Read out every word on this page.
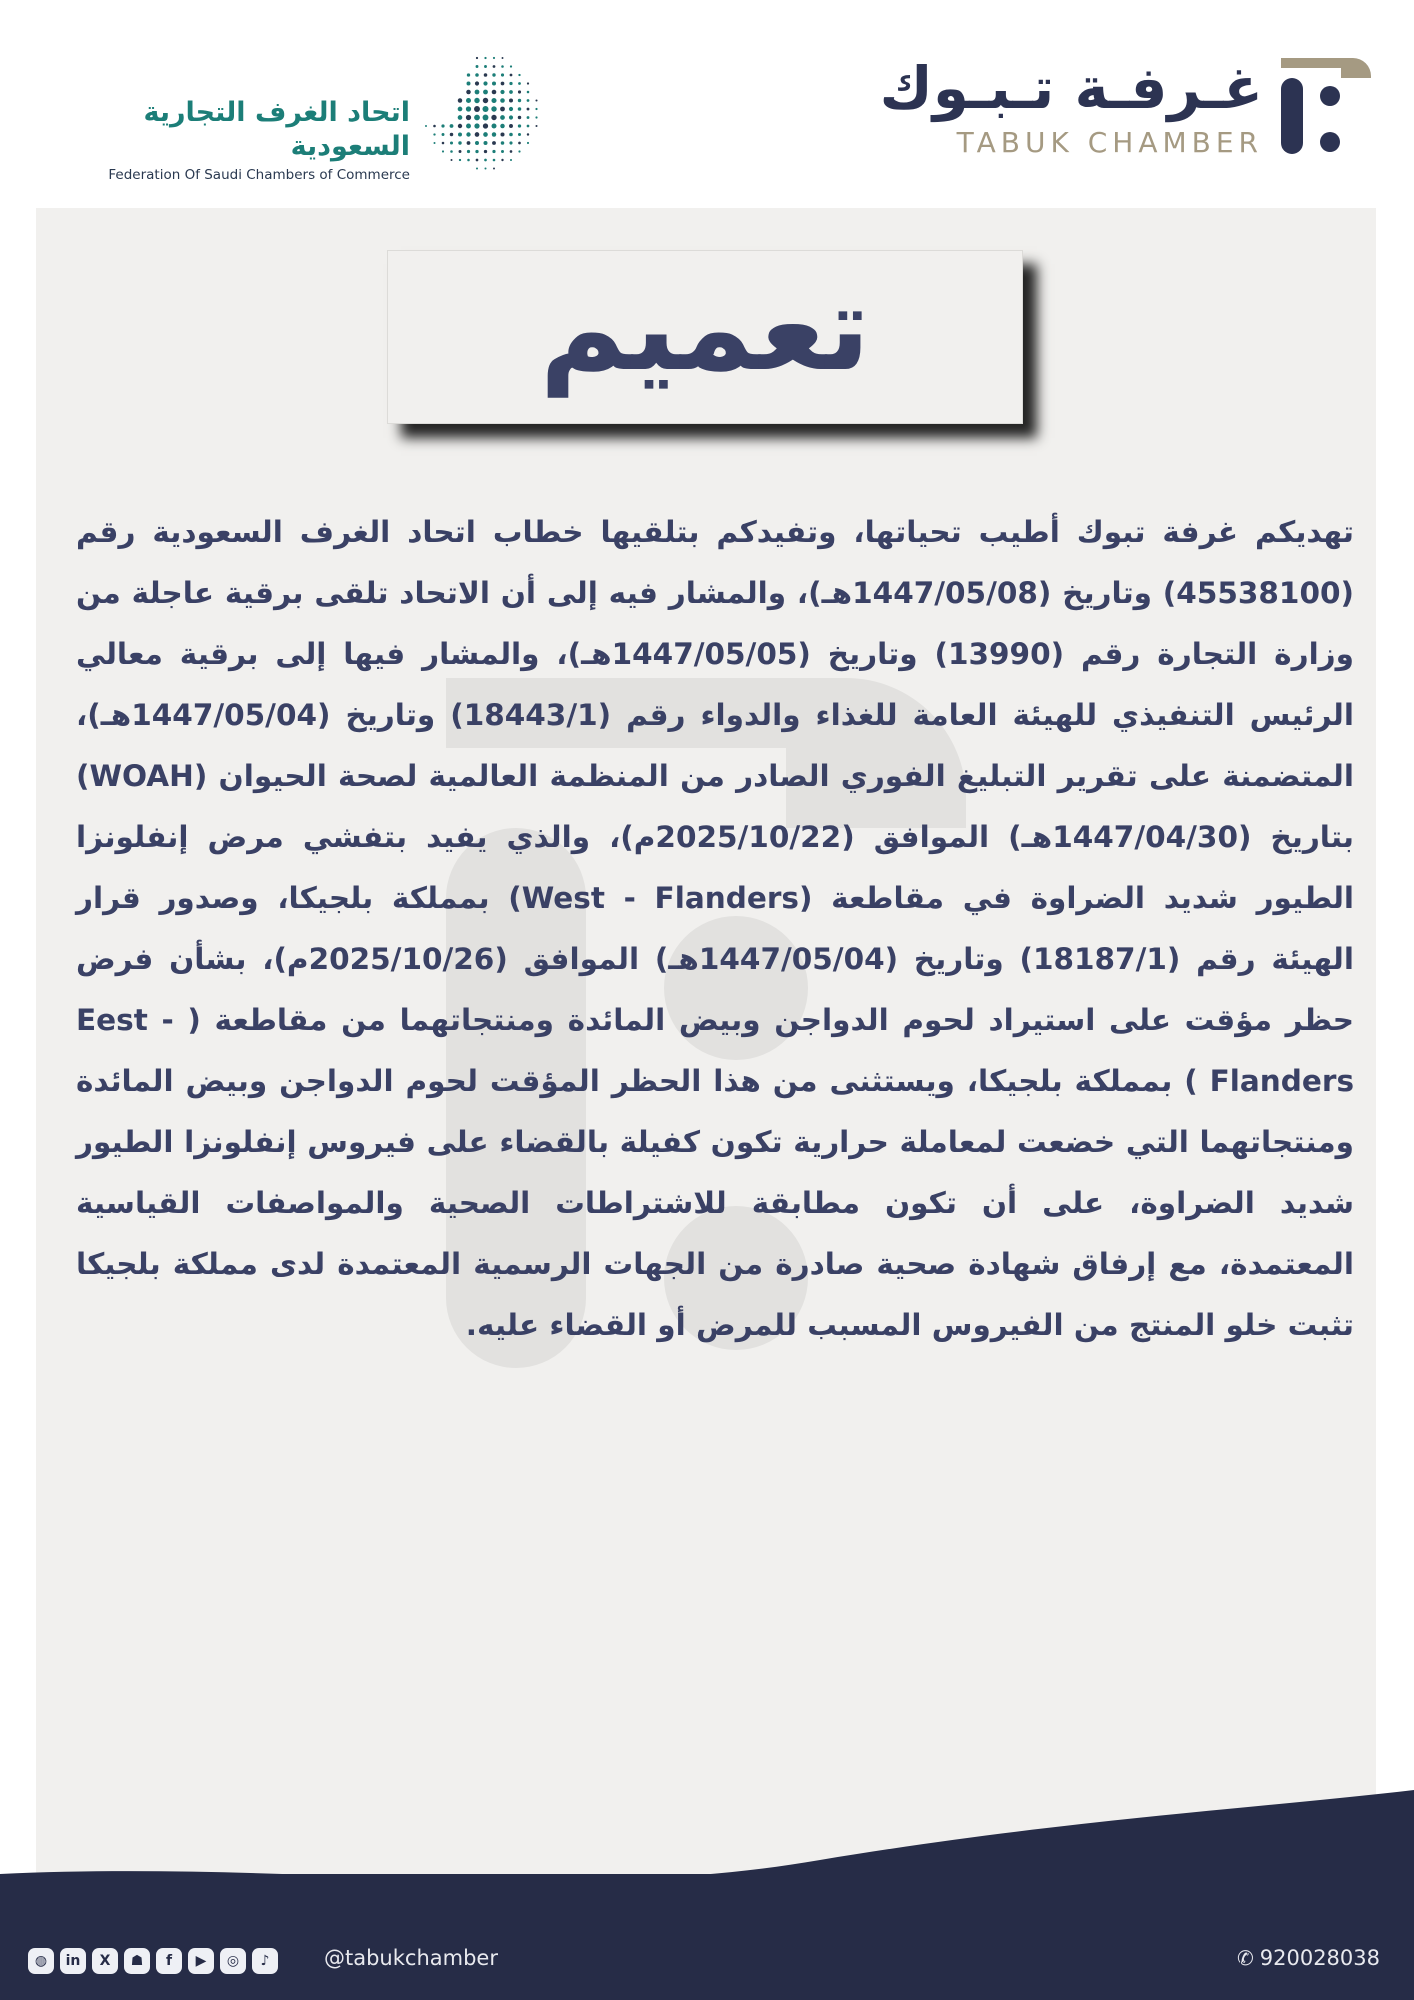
اتحاد الغرف التجارية السعودية
Federation Of Saudi Chambers of Commerce
غـرفـة تـبـوك
TABUK CHAMBER
تعميم
تهديكم غرفة تبوك أطيب تحياتها، وتفيدكم بتلقيها خطاب اتحاد الغرف السعودية رقم (45538100) وتاريخ (1447/05/08هـ)، والمشار فيه إلى أن الاتحاد تلقى برقية عاجلة من وزارة التجارة رقم (13990) وتاريخ (1447/05/05هـ)، والمشار فيها إلى برقية معالي الرئيس التنفيذي للهيئة العامة للغذاء والدواء رقم (18443/1) وتاريخ (1447/05/04هـ)، المتضمنة على تقرير التبليغ الفوري الصادر من المنظمة العالمية لصحة الحيوان (WOAH) بتاريخ (1447/04/30هـ) الموافق (2025/10/22م)، والذي يفيد بتفشي مرض إنفلونزا الطيور شديد الضراوة في مقاطعة (West - Flanders) بمملكة بلجيكا، وصدور قرار الهيئة رقم (18187/1) وتاريخ (1447/05/04هـ) الموافق (2025/10/26م)، بشأن فرض حظر مؤقت على استيراد لحوم الدواجن وبيض المائدة ومنتجاتهما من مقاطعة ( Eest - Flanders ) بمملكة بلجيكا، ويستثنى من هذا الحظر المؤقت لحوم الدواجن وبيض المائدة ومنتجاتهما التي خضعت لمعاملة حرارية تكون كفيلة بالقضاء على فيروس إنفلونزا الطيور شديد الضراوة، على أن تكون مطابقة للاشتراطات الصحية والمواصفات القياسية المعتمدة، مع إرفاق شهادة صحية صادرة من الجهات الرسمية المعتمدة لدى مملكة بلجيكا تثبت خلو المنتج من الفيروس المسبب للمرض أو القضاء عليه.
◍	in	X	☗	f	▶	◎	♪	@tabukchamber	✆ 920028038
